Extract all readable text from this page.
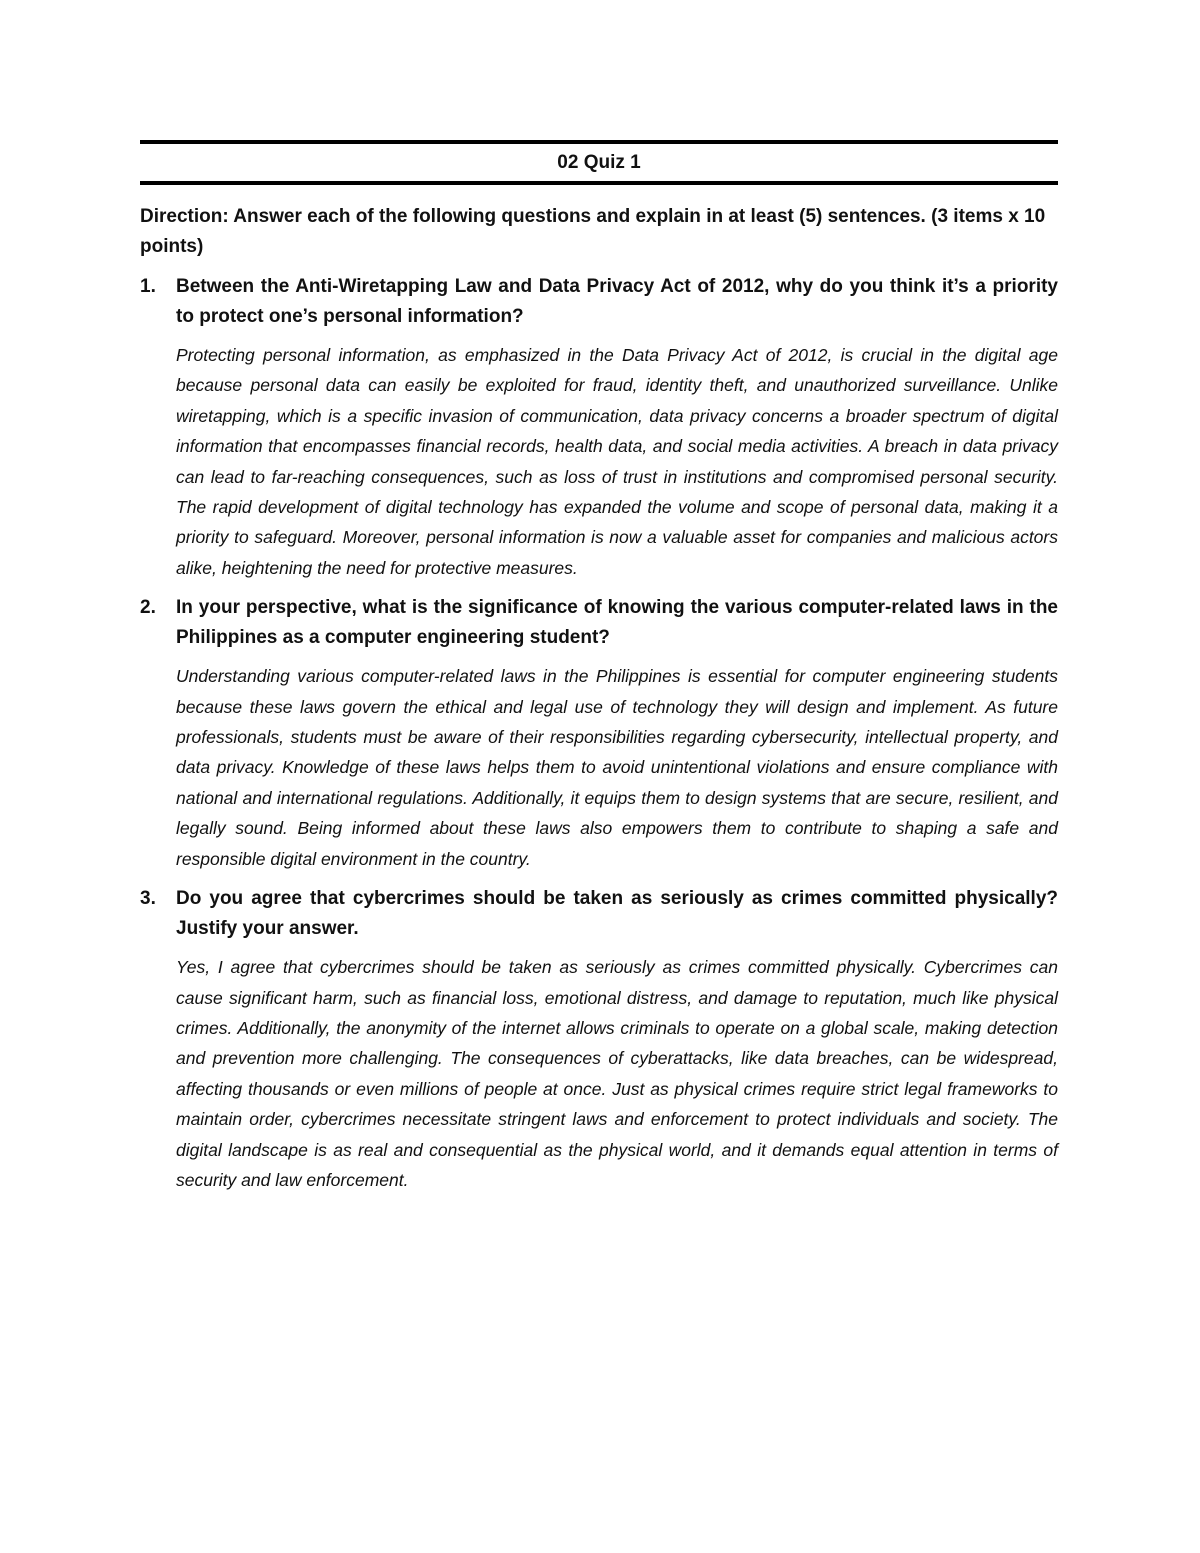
02 Quiz 1
Direction: Answer each of the following questions and explain in at least (5) sentences. (3 items x 10 points)
1.	Between the Anti-Wiretapping Law and Data Privacy Act of 2012, why do you think it’s a priority to protect one’s personal information?
Protecting personal information, as emphasized in the Data Privacy Act of 2012, is crucial in the digital age because personal data can easily be exploited for fraud, identity theft, and unauthorized surveillance. Unlike wiretapping, which is a specific invasion of communication, data privacy concerns a broader spectrum of digital information that encompasses financial records, health data, and social media activities. A breach in data privacy can lead to far-reaching consequences, such as loss of trust in institutions and compromised personal security. The rapid development of digital technology has expanded the volume and scope of personal data, making it a priority to safeguard. Moreover, personal information is now a valuable asset for companies and malicious actors alike, heightening the need for protective measures.
2.	In your perspective, what is the significance of knowing the various computer-related laws in the Philippines as a computer engineering student?
Understanding various computer-related laws in the Philippines is essential for computer engineering students because these laws govern the ethical and legal use of technology they will design and implement. As future professionals, students must be aware of their responsibilities regarding cybersecurity, intellectual property, and data privacy. Knowledge of these laws helps them to avoid unintentional violations and ensure compliance with national and international regulations. Additionally, it equips them to design systems that are secure, resilient, and legally sound. Being informed about these laws also empowers them to contribute to shaping a safe and responsible digital environment in the country.
3.	Do you agree that cybercrimes should be taken as seriously as crimes committed physically? Justify your answer.
Yes, I agree that cybercrimes should be taken as seriously as crimes committed physically. Cybercrimes can cause significant harm, such as financial loss, emotional distress, and damage to reputation, much like physical crimes. Additionally, the anonymity of the internet allows criminals to operate on a global scale, making detection and prevention more challenging. The consequences of cyberattacks, like data breaches, can be widespread, affecting thousands or even millions of people at once. Just as physical crimes require strict legal frameworks to maintain order, cybercrimes necessitate stringent laws and enforcement to protect individuals and society. The digital landscape is as real and consequential as the physical world, and it demands equal attention in terms of security and law enforcement.
